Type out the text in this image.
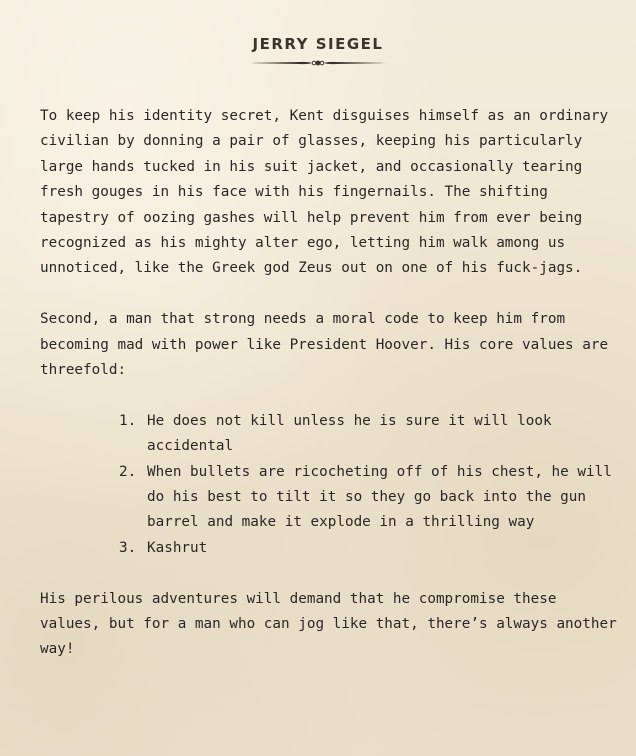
JERRY SIEGEL

To keep his identity secret, Kent disguises himself as an ordinary civilian by donning a pair of glasses, keeping his particularly large hands tucked in his suit jacket, and occasionally tearing fresh gouges in his face with his fingernails. The shifting tapestry of oozing gashes will help prevent him from ever being recognized as his mighty alter ego, letting him walk among us unnoticed, like the Greek god Zeus out on one of his fuck-jags.

Second, a man that strong needs a moral code to keep him from becoming mad with power like President Hoover. His core values are threefold:

1. He does not kill unless he is sure it will look accidental
2. When bullets are ricocheting off of his chest, he will do his best to tilt it so they go back into the gun barrel and make it explode in a thrilling way
3. Kashrut

His perilous adventures will demand that he compromise these values, but for a man who can jog like that, there’s always another way!
